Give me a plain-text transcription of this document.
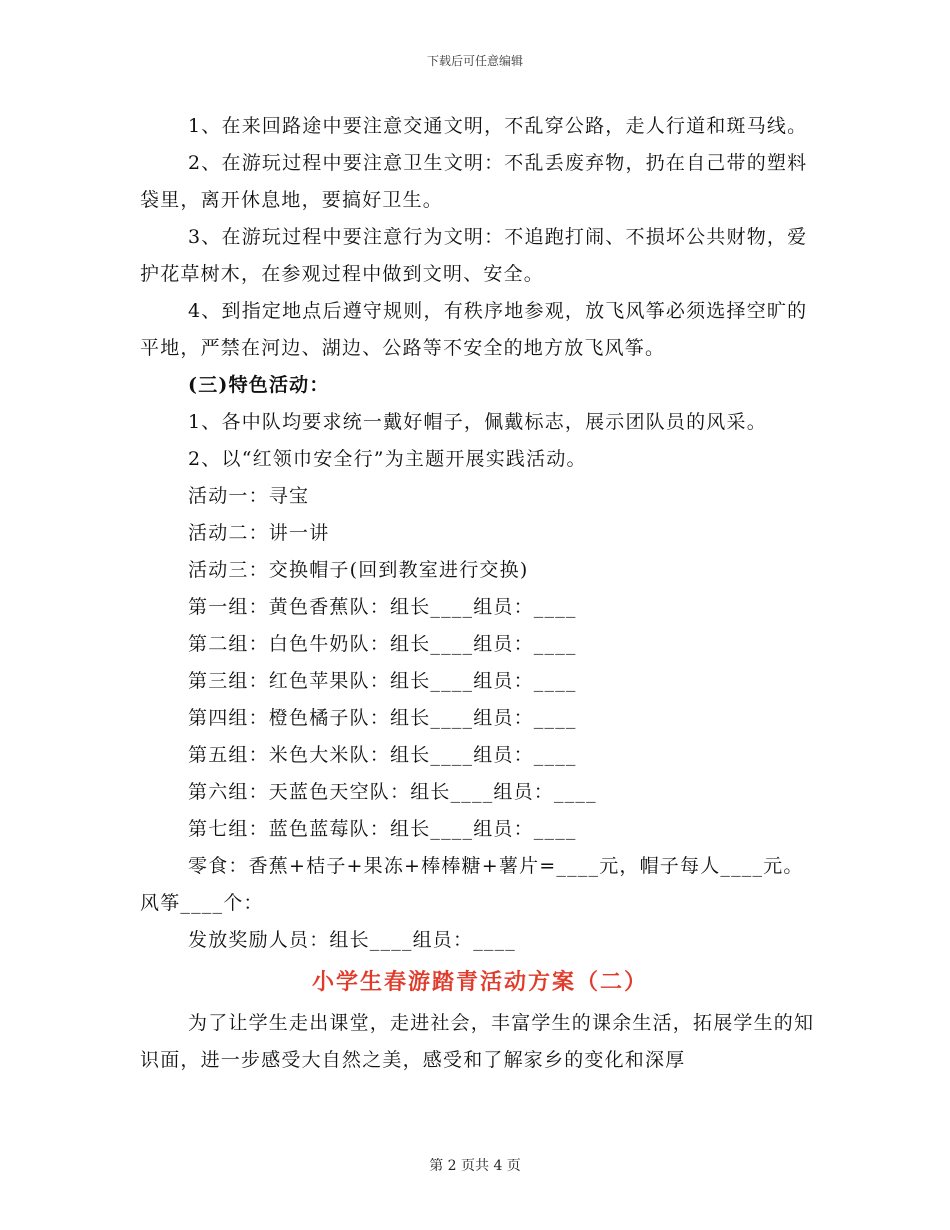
下载后可任意编辑

1、在来回路途中要注意交通文明，不乱穿公路，走人行道和斑马线。

2、在游玩过程中要注意卫生文明：不乱丢废弃物，扔在自己带的塑料袋里，离开休息地，要搞好卫生。

3、在游玩过程中要注意行为文明：不追跑打闹、不损坏公共财物，爱护花草树木，在参观过程中做到文明、安全。

4、到指定地点后遵守规则，有秩序地参观，放飞风筝必须选择空旷的平地，严禁在河边、湖边、公路等不安全的地方放飞风筝。

(三)特色活动：

1、各中队均要求统一戴好帽子，佩戴标志，展示团队员的风采。

2、以“红领巾安全行”为主题开展实践活动。

活动一：寻宝

活动二：讲一讲

活动三：交换帽子(回到教室进行交换)

第一组：黄色香蕉队：组长____组员：____

第二组：白色牛奶队：组长____组员：____

第三组：红色苹果队：组长____组员：____

第四组：橙色橘子队：组长____组员：____

第五组：米色大米队：组长____组员：____

第六组：天蓝色天空队：组长____组员：____

第七组：蓝色蓝莓队：组长____组员：____

零食：香蕉+桔子+果冻+棒棒糖+薯片=____元，帽子每人____元。风筝____个：

发放奖励人员：组长____组员：____

小学生春游踏青活动方案（二）

为了让学生走出课堂，走进社会，丰富学生的课余生活，拓展学生的知识面，进一步感受大自然之美，感受和了解家乡的变化和深厚

第 2 页共 4 页
